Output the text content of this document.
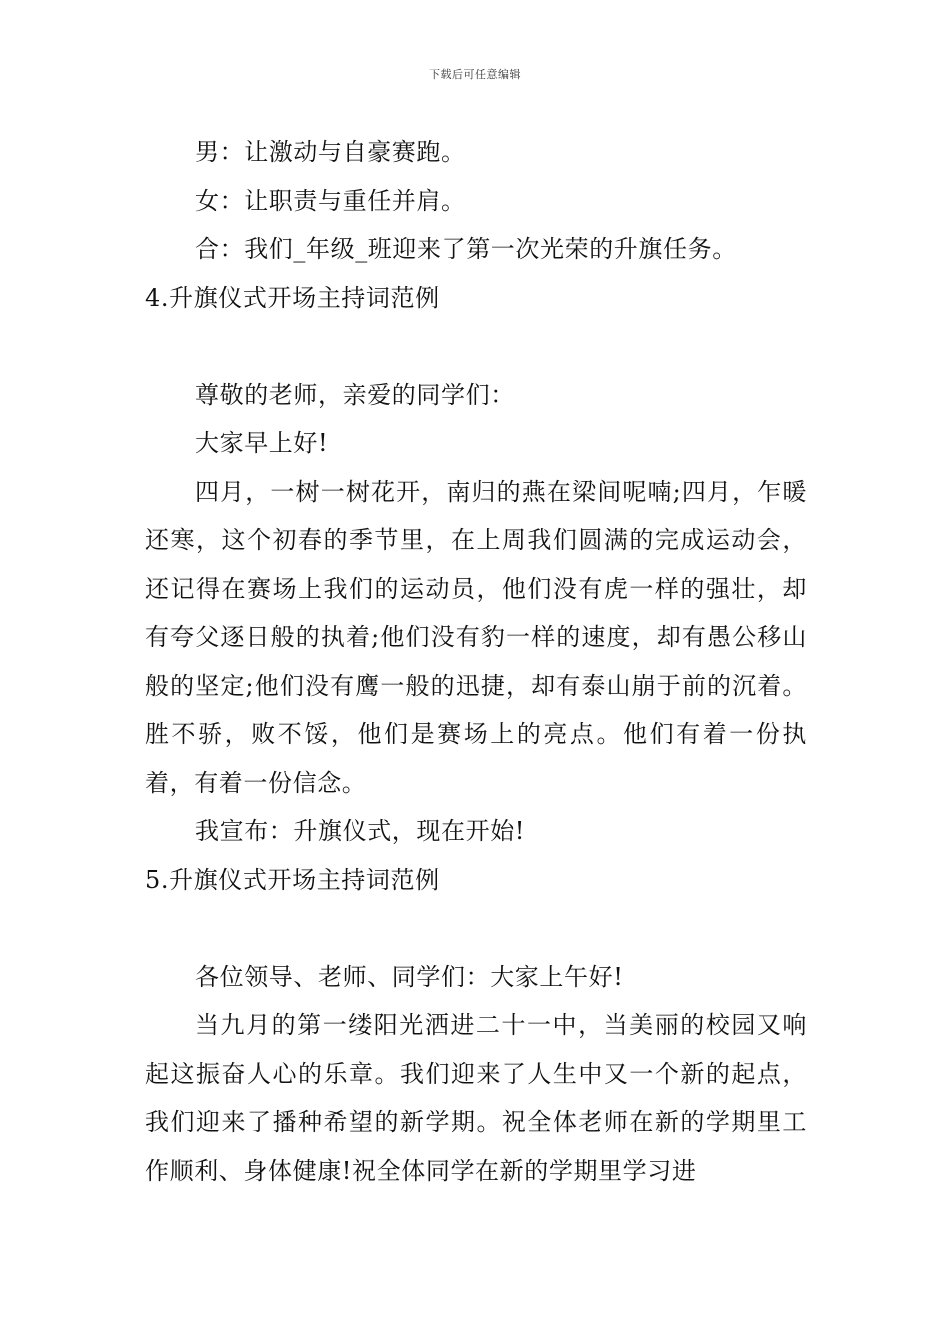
下载后可任意编辑

男：让激动与自豪赛跑。

女：让职责与重任并肩。

合：我们_年级_班迎来了第一次光荣的升旗任务。

4.升旗仪式开场主持词范例

尊敬的老师，亲爱的同学们：

大家早上好!

四月，一树一树花开，南归的燕在梁间呢喃;四月，乍暖还寒，这个初春的季节里，在上周我们圆满的完成运动会，还记得在赛场上我们的运动员，他们没有虎一样的强壮，却有夸父逐日般的执着;他们没有豹一样的速度，却有愚公移山般的坚定;他们没有鹰一般的迅捷，却有泰山崩于前的沉着。胜不骄，败不馁，他们是赛场上的亮点。他们有着一份执着，有着一份信念。

我宣布：升旗仪式，现在开始!

5.升旗仪式开场主持词范例

各位领导、老师、同学们：大家上午好!

当九月的第一缕阳光洒进二十一中，当美丽的校园又响起这振奋人心的乐章。我们迎来了人生中又一个新的起点，我们迎来了播种希望的新学期。祝全体老师在新的学期里工作顺利、身体健康!祝全体同学在新的学期里学习进
